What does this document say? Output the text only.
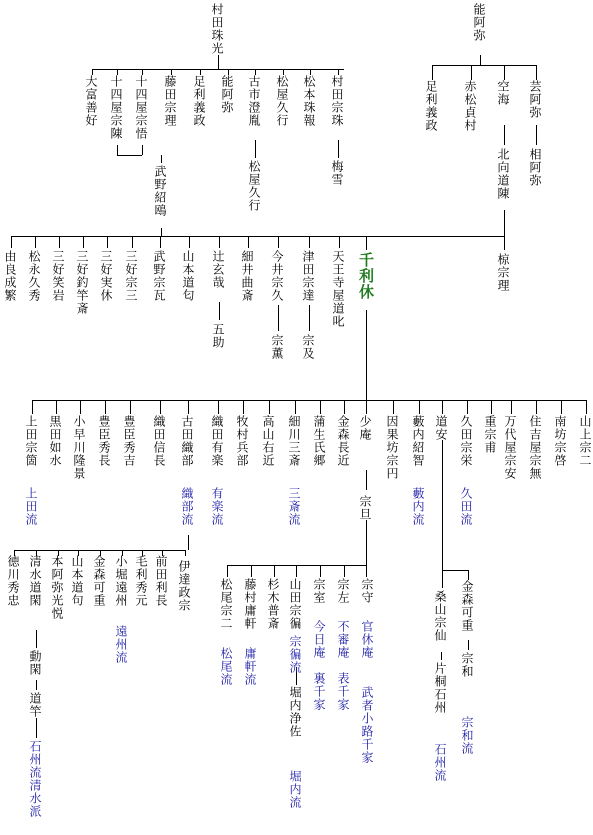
村田珠光	能阿弥
大富善好 十四屋宗陳 十四屋宗悟 藤田宗理 足利義政 能阿弥 古市澄胤 松屋久行 松本珠報 村田宗珠
梅雪
松屋久行
武野紹鴎
足利義政 赤松貞村 空海 芸阿弥
相阿弥
北向道陳
由良成繁 松永久秀 三好笑岩 三好釣竿斎 三好実休 三好宗三 武野宗瓦 山本道匂 辻玄哉
五助
細井曲斎 今井宗久
宗薫
津田宗達
宗及
天王寺屋道叱 千利休	椋宗理
上田宗箇
上田流
黒田如水 小早川隆景 豊臣秀長 豊臣秀吉 織田信長 古田織部
織部流
織田有楽
有楽流
牧村兵部 高山右近 細川三斎
三斎流
蒲生氏郷 金森長近 少庵
宗旦
因果坊宗円 藪内紹智
藪内流
道安 久田宗栄
久田流
重宗甫 万代屋宗安 住吉屋宗無 南坊宗啓 山上宗二
金森可重
宗和
宗和流
桑山宗仙
片桐石州
石州流
伊達政宗
前田利長
毛利秀元
小堀遠州
遠州流
金森可重
山本道句
本阿弥光悦
清水道閑
徳川秀忠
動閑
道竿
石州流清水派
松尾宗二
松尾流
藤村庸軒
庸軒流
杉木普斎 山田宗徧
宗徧流
堀内浄佐
堀内流
宗室
今日庵
裏千家
宗左
不審庵
表千家
宗守
官休庵
武者小路千家
